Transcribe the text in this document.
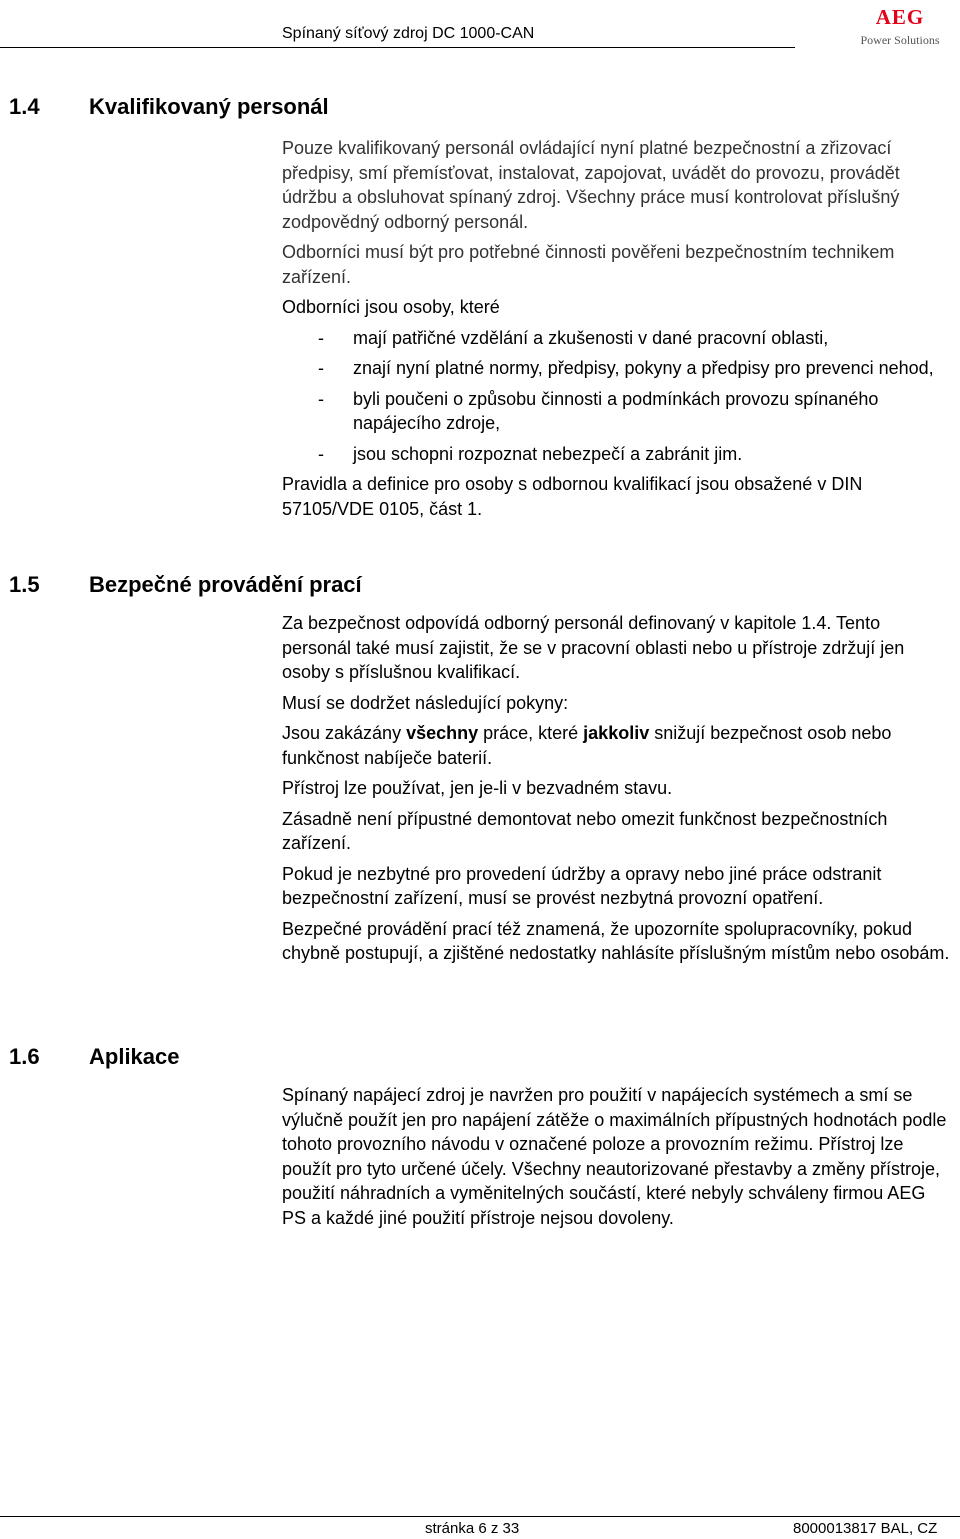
Spínaný síťový zdroj DC 1000-CAN
AEG
Power Solutions
1.4 Kvalifikovaný personál

Pouze kvalifikovaný personál ovládající nyní platné bezpečnostní a zřizovací předpisy, smí přemísťovat, instalovat, zapojovat, uvádět do provozu, provádět údržbu a obsluhovat spínaný zdroj. Všechny práce musí kontrolovat příslušný zodpovědný odborný personál.

Odborníci musí být pro potřebné činnosti pověřeni bezpečnostním technikem zařízení.

Odborníci jsou osoby, které

- mají patřičné vzdělání a zkušenosti v dané pracovní oblasti,
- znají nyní platné normy, předpisy, pokyny a předpisy pro prevenci nehod,
- byli poučeni o způsobu činnosti a podmínkách provozu spínaného napájecího zdroje,
- jsou schopni rozpoznat nebezpečí a zabránit jim.

Pravidla a definice pro osoby s odbornou kvalifikací jsou obsažené v DIN 57105/VDE 0105, část 1.

1.5 Bezpečné provádění prací

Za bezpečnost odpovídá odborný personál definovaný v kapitole 1.4. Tento personál také musí zajistit, že se v pracovní oblasti nebo u přístroje zdržují jen osoby s příslušnou kvalifikací.

Musí se dodržet následující pokyny:

Jsou zakázány všechny práce, které jakkoliv snižují bezpečnost osob nebo funkčnost nabíječe baterií.

Přístroj lze používat, jen je-li v bezvadném stavu.

Zásadně není přípustné demontovat nebo omezit funkčnost bezpečnostních zařízení.

Pokud je nezbytné pro provedení údržby a opravy nebo jiné práce odstranit bezpečnostní zařízení, musí se provést nezbytná provozní opatření.

Bezpečné provádění prací též znamená, že upozorníte spolupracovníky, pokud chybně postupují, a zjištěné nedostatky nahlásíte příslušným místům nebo osobám.

1.6 Aplikace

Spínaný napájecí zdroj je navržen pro použití v napájecích systémech a smí se výlučně použít jen pro napájení zátěže o maximálních přípustných hodnotách podle tohoto provozního návodu v označené poloze a provozním režimu. Přístroj lze použít pro tyto určené účely. Všechny neautorizované přestavby a změny přístroje, použití náhradních a vyměnitelných součástí, které nebyly schváleny firmou AEG PS a každé jiné použití přístroje nejsou dovoleny.

stránka 6 z 33	8000013817 BAL, CZ
